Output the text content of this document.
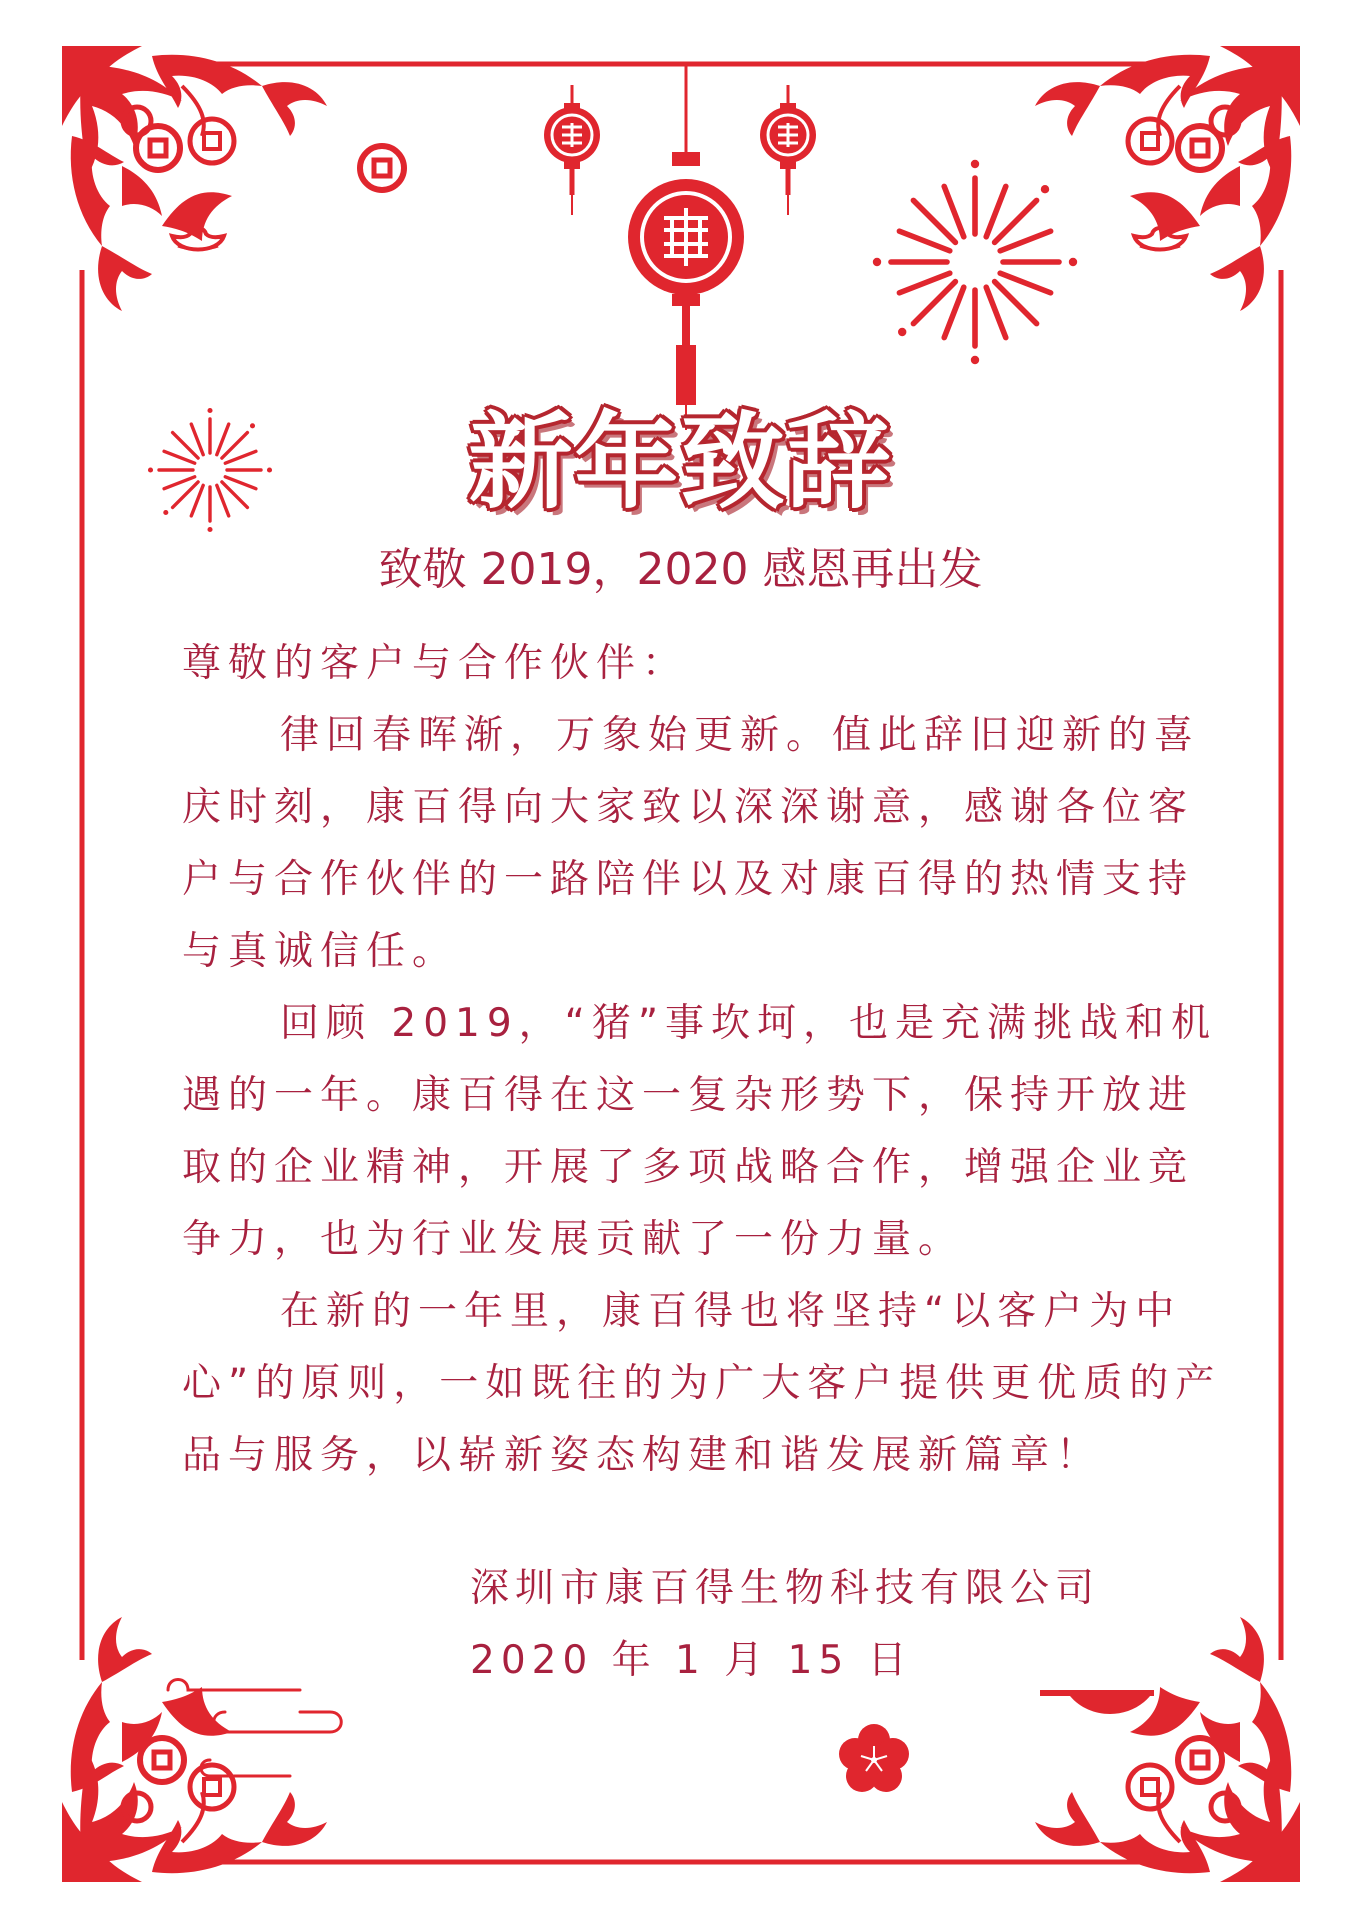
新年致辞
致敬 2019，2020 感恩再出发

尊敬的客户与合作伙伴：

律回春晖渐，万象始更新。值此辞旧迎新的喜庆时刻，康百得向大家致以深深谢意，感谢各位客户与合作伙伴的一路陪伴以及对康百得的热情支持与真诚信任。

回顾 2019，“猪”事坎坷，也是充满挑战和机遇的一年。康百得在这一复杂形势下，保持开放进取的企业精神，开展了多项战略合作，增强企业竞争力，也为行业发展贡献了一份力量。

在新的一年里，康百得也将坚持“以客户为中心”的原则，一如既往的为广大客户提供更优质的产品与服务，以崭新姿态构建和谐发展新篇章！

深圳市康百得生物科技有限公司
2020 年 1 月 15 日
